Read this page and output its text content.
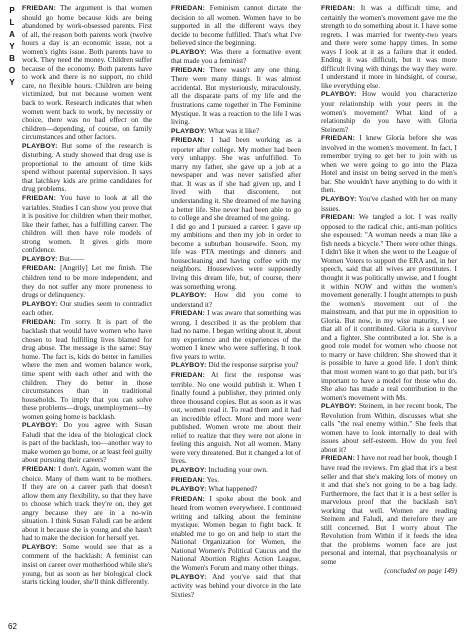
PLAYBOY FRIEDAN: The argument is that women should go home because kids are being abandoned by work-obsessed parents. First of all, the reason both parents work (twelve hours a day is an economic issue, not a women's rights issue. Both parents have to work. They need the money. Children suffer because of the economy. Both parents have to work and there is no support, no child care, no flexible hours. Children are being victimized, but not because women went back to work. Research indicates that when women went back to work, by necessity or choice, there was no bad effect on the children—depending, of course, on family circumstances and other factors.

PLAYBOY: But some of the research is disturbing. A study showed that drug use is proportional to the amount of time kids spend without parental supervision. It says that latchkey kids are prime candidates for drug problems.

FRIEDAN: You have to look at all the variables. Studies I can show you prove that it is positive for children when their mother, like their father, has a fulfilling career. The children will then have role models of strong women. It gives girls more confidence.

PLAYBOY: But——

FRIEDAN: [Angrily] Let me finish. The children tend to be more independent, and they do not suffer any more proneness to drugs or delinquency.

PLAYBOY: Our studies seem to contradict each other.

FRIEDAN: I'm sorry. It is part of the backlash that would have women who have chosen to lead fulfilling lives blamed for drug abuse. The message is the same: Stay home. The fact is, kids do better in families where the men and women balance work, time spent with each other and with the children. They do better in those circumstances than in traditional households. To imply that you can solve these problems—drugs, unemployment—by women going home is backlash.

PLAYBOY: Do you agree with Susan Faludi that the idea of the biological clock is part of the backlash, too—another way to make women go home, or at least feel guilty about pursuing their careers?

FRIEDAN: I don't. Again, women want the choice. Many of them want to be mothers. If they are on a career path that doesn't allow them any flexibility, so that they have to choose which track they're on, they get angry because they are in a no-win situation. I think Susan Faludi can be ardent about it because she is young and she hasn't had to make the decision for herself yet.

PLAYBOY: Some would see that as a comment of the backlash: A feminist can insist on career over motherhood while she's young, but as soon as her biological clock starts ticking louder, she'll think differently.

FRIEDAN: Feminism cannot dictate the decision to all women. Women have to be supported in all the different ways they decide to become fulfilled. That's what I've believed since the beginning.

PLAYBOY: Was there a formative event that made you a feminist?

FRIEDAN: There wasn't any one thing. There were many things. It was almost accidental. But mysteriously, miraculously, all the disparate parts of my life and the frustrations came together in The Feminine Mystique. It was a reaction to the life I was living.

PLAYBOY: What was it like?

FRIEDAN: I had been working as a reporter after college. My mother had been very unhappy. She was unfulfilled. To marry my father, she gave up a job at a newspaper and was never satisfied after that. It was as if she had given up, and I lived with that discontent, not understanding it. She dreamed of me having a better life. She never had been able to go to college and she dreamed of me going.

I did go and I pursued a career. I gave up my ambitions and then my job in order to become a suburban housewife. Soon, my life was PTA meetings and dinners and housecleaning and having coffee with my neighbors. Housewives were supposedly living this dream life, but, of course, there was something wrong.

PLAYBOY: How did you come to understand it?

FRIEDAN: I was aware that something was wrong. I described it as the problem that had no name. I began writing about it, about my experience and the experiences of the women I knew who were suffering. It took five years to write.

PLAYBOY: Did the response surprise you?

FRIEDAN: At first the response was terrible. No one would publish it. When I finally found a publisher, they printed only three thousand copies. But as soon as it was out, women read it. To read them and it had an incredible effect. More and more were published. Women wrote me about their relief to realize that they were not alone in feeling this anguish. Not all women. Many were very threatened. But it changed a lot of lives.

PLAYBOY: Including your own.

FRIEDAN: Yes.

PLAYBOY: What happened?

FRIEDAN: I spoke about the book and heard from women everywhere. I continued writing and talking about the feminine mystique. Women began to fight back. It enabled me to go on and help to start the National Organization for Women, the National Women's Political Caucus and the National Abortion Rights Action League, the Women's Forum and many other things.

PLAYBOY: And you've said that that activity was behind your divorce in the late Sixties?

FRIEDAN: It was a difficult time, and certainly the women's movement gave me the strength to do something about it. I have some regrets. I was married for twenty-two years and there were some happy times. In some ways I look at it as a failure that it ended. Ending it was difficult, but it was more difficult living with things the way they were. I understand it more in hindsight, of course, like everything else.

PLAYBOY: How would you characterize your relationship with your peers in the women's movement? What kind of a relationship do you have with Gloria Steinem?

FRIEDAN: I knew Gloria before she was involved in the women's movement. In fact, I remember trying to get her to join with us when we were going to go into the Plaza Hotel and insist on being served in the men's bar. She wouldn't have anything to do with it then.

PLAYBOY: You've clashed with her on many issues.

FRIEDAN: We tangled a lot. I was really opposed to the radical chic, anti-man politics she espoused: "A woman needs a man like a fish needs a bicycle." There were other things. I didn't like it when she went to the League of Women Voters to support the ERA and, in her speech, said that all wives are prostitutes. I thought it was politically unwise, and I fought it within NOW and within the women's movement generally. I fought attempts to push the women's movement out of the mainstream, and that put me in opposition to Gloria. But now, in my wise maturity, I see that all of it contributed. Gloria is a survivor and a fighter. She contributed a lot. She is a good role model for women who choose not to marry or have children. She showed that it is possible to have a good life. I don't think that most women want to go that path, but it's important to have a model for those who do. She also has made a real contribution to the women's movement with Ms.

PLAYBOY: Steinem, in her recent book, The Revolution from Within, discusses what she calls "the real enemy within." She feels that women have to look internally to deal with issues about self-esteem. How do you feel about it?

FRIEDAN: I have not read her book, though I have read the reviews. I'm glad that it's a best seller and that she's making lots of money on it and that she's not going to be a bag lady. Furthermore, the fact that it is a best seller is marvelous proof that the backlash isn't working that well. Women are reading Steinem and Faludi, and therefore they are still concerned. But I worry about The Revolution from Within if it feeds the idea that the problems women face are just personal and internal, that psychoanalysis or some

(concluded on page 149)

62
